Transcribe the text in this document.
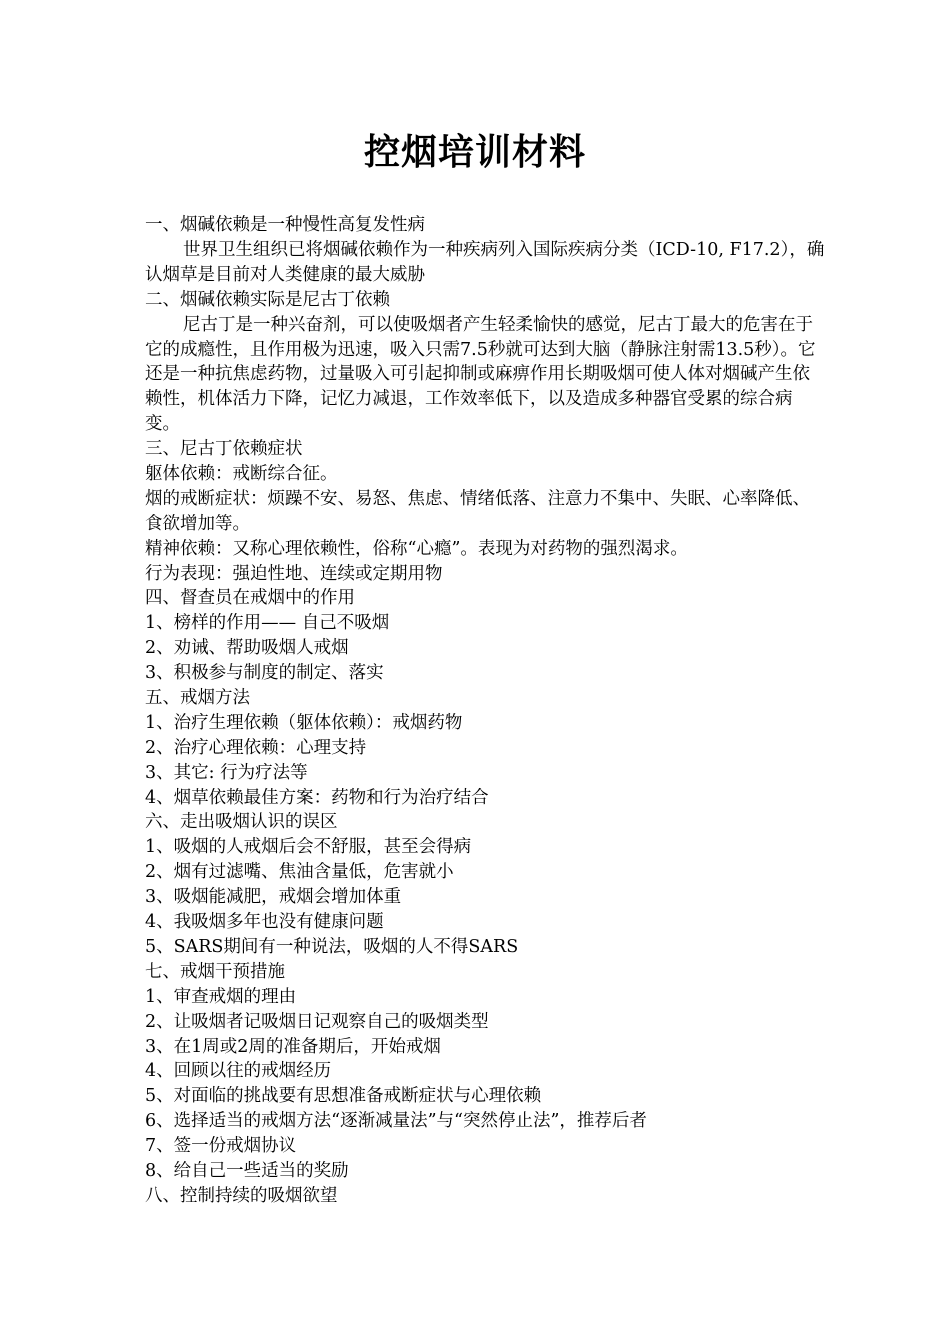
控烟培训材料
一、烟碱依赖是一种慢性高复发性病
世界卫生组织已将烟碱依赖作为一种疾病列入国际疾病分类（ICD-10, F17.2），确认烟草是目前对人类健康的最大威胁
二、烟碱依赖实际是尼古丁依赖
尼古丁是一种兴奋剂，可以使吸烟者产生轻柔愉快的感觉，尼古丁最大的危害在于它的成瘾性，且作用极为迅速，吸入只需7.5秒就可达到大脑（静脉注射需13.5秒）。它还是一种抗焦虑药物，过量吸入可引起抑制或麻痹作用长期吸烟可使人体对烟碱产生依赖性，机体活力下降，记忆力减退，工作效率低下，以及造成多种器官受累的综合病变。
三、尼古丁依赖症状
躯体依赖：戒断综合征。
烟的戒断症状：烦躁不安、易怒、焦虑、情绪低落、注意力不集中、失眠、心率降低、
食欲增加等。
精神依赖：又称心理依赖性，俗称“心瘾”。表现为对药物的强烈渴求。
行为表现：强迫性地、连续或定期用物
四、督查员在戒烟中的作用
1、榜样的作用—— 自己不吸烟
2、劝诫、帮助吸烟人戒烟
3、积极参与制度的制定、落实
五、戒烟方法
1、治疗生理依赖（躯体依赖）：戒烟药物
2、治疗心理依赖：心理支持
3、其它: 行为疗法等
4、烟草依赖最佳方案：药物和行为治疗结合
六、走出吸烟认识的误区
1、吸烟的人戒烟后会不舒服，甚至会得病
2、烟有过滤嘴、焦油含量低，危害就小
3、吸烟能减肥，戒烟会增加体重
4、我吸烟多年也没有健康问题
5、SARS期间有一种说法，吸烟的人不得SARS
七、戒烟干预措施
1、审查戒烟的理由
2、让吸烟者记吸烟日记观察自己的吸烟类型
3、在1周或2周的准备期后，开始戒烟
4、回顾以往的戒烟经历
5、对面临的挑战要有思想准备戒断症状与心理依赖
6、选择适当的戒烟方法“逐渐减量法”与“突然停止法”，推荐后者
7、签一份戒烟协议
8、给自己一些适当的奖励
八、控制持续的吸烟欲望
